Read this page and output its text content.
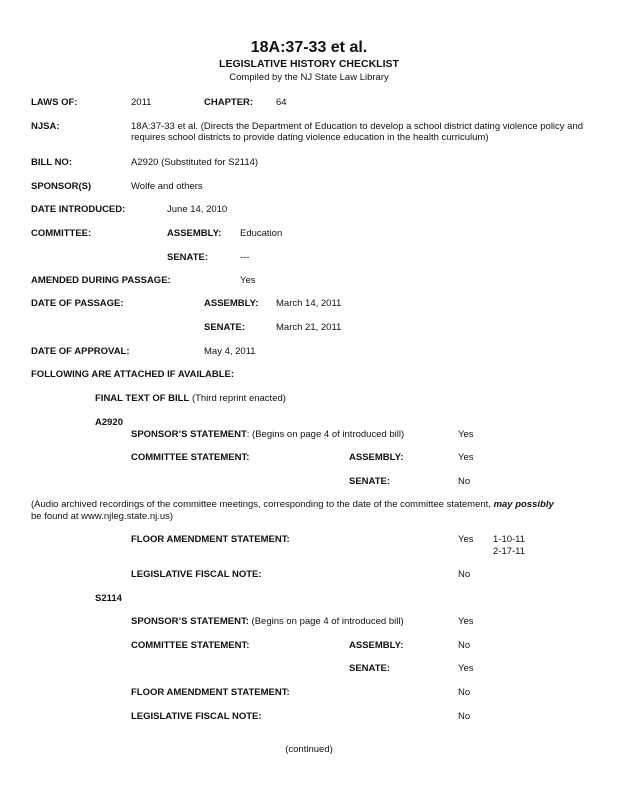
18A:37-33 et al.
LEGISLATIVE HISTORY CHECKLIST
Compiled by the NJ State Law Library
LAWS OF:	2011	CHAPTER: 64
NJSA:	18A:37-33 et al. (Directs the Department of Education to develop a school district dating violence policy and requires school districts to provide dating violence education in the health curriculum)
BILL NO:	A2920 (Substituted for S2114)
SPONSOR(S)	Wolfe and others
DATE INTRODUCED:	June 14, 2010
COMMITTEE:	ASSEMBLY: Education
SENATE:	---
AMENDED DURING PASSAGE:	Yes
DATE OF PASSAGE:	ASSEMBLY: March 14, 2011
SENATE:	March 21, 2011
DATE OF APPROVAL:	May 4, 2011
FOLLOWING ARE ATTACHED IF AVAILABLE:
FINAL TEXT OF BILL (Third reprint enacted)
A2920
SPONSOR’S STATEMENT: (Begins on page 4 of introduced bill)	Yes
COMMITTEE STATEMENT:	ASSEMBLY:	Yes
SENATE:	No
(Audio archived recordings of the committee meetings, corresponding to the date of the committee statement, may possibly
be found at www.njleg.state.nj.us)
FLOOR AMENDMENT STATEMENT:	Yes 1-10-11
2-17-11
LEGISLATIVE FISCAL NOTE:	No
S2114
SPONSOR’S STATEMENT: (Begins on page 4 of introduced bill)	Yes
COMMITTEE STATEMENT:	ASSEMBLY:	No
SENATE:	Yes
FLOOR AMENDMENT STATEMENT:	No
LEGISLATIVE FISCAL NOTE:	No
(continued)
